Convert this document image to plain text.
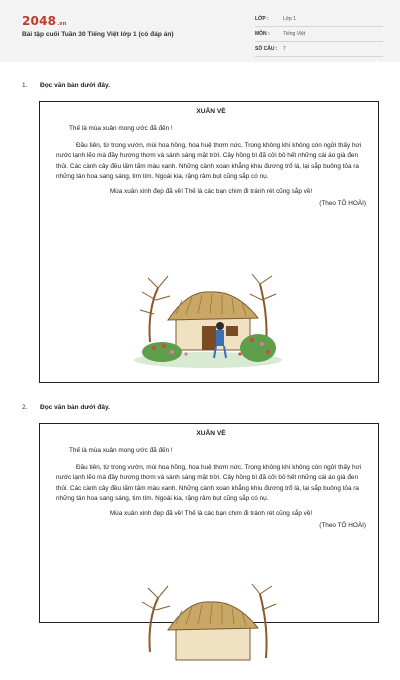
2048.vn
Bài tập cuối Tuần 30 Tiếng Việt lớp 1 (có đáp án)
LỚP :	Lớp 1
MÔN :	Tiếng Việt
SỐ CÂU :	7
1. Đọc văn bản dưới đây.
XUÂN VỀ

Thế là mùa xuân mong ước đã đến !

Đầu tiên, từ trong vườn, mùi hoa hồng, hoa huệ thơm nức. Trong không khí không còn ngửi thấy hơi nước lạnh lẽo mà đầy hương thơm và sánh sáng mặt trời. Cây hồng bì đã cởi bỏ hết những cái áo già đen thủi. Các cành cây đều lấm tấm màu xanh. Những cành xoan khẳng khiu đương trổ lá, lại sắp buông tỏa ra những tán hoa sang sáng, tim tím. Ngoài kia, rặng râm bụt cũng sắp có nụ.

Mùa xuân xinh đẹp đã về! Thế là các bạn chim đi tránh rét cũng sắp về!

(Theo TÔ HOÀI)
2. Đọc văn bản dưới đây.
XUÂN VỀ

Thế là mùa xuân mong ước đã đến !

Đầu tiên, từ trong vườn, mùi hoa hồng, hoa huệ thơm nức. Trong không khí không còn ngửi thấy hơi nước lạnh lẽo mà đầy hương thơm và sánh sáng mặt trời. Cây hồng bì đã cởi bỏ hết những cái áo già đen thủi. Các cành cây đều lấm tấm màu xanh. Những cành xoan khẳng khiu đương trổ lá, lại sắp buông tỏa ra những tán hoa sang sáng, tim tím. Ngoài kia, rặng râm bụt cũng sắp có nụ.

Mùa xuân xinh đẹp đã về! Thế là các bạn chim đi tránh rét cũng sắp về!

(Theo TÔ HOÀI)
